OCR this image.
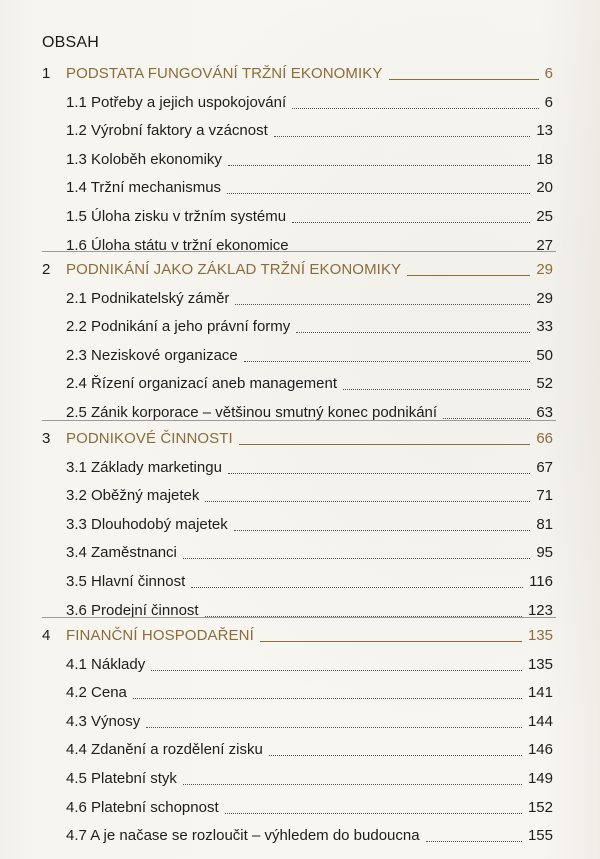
OBSAH
1 PODSTATA FUNGOVÁNÍ TRŽNÍ EKONOMIKY	6
1.1 Potřeby a jejich uspokojování	6
1.2 Výrobní faktory a vzácnost	13
1.3 Koloběh ekonomiky	18
1.4 Tržní mechanismus	20
1.5 Úloha zisku v tržním systému	25
1.6 Úloha státu v tržní ekonomice	27
2 PODNIKÁNÍ JAKO ZÁKLAD TRŽNÍ EKONOMIKY	29
2.1 Podnikatelský záměr	29
2.2 Podnikání a jeho právní formy	33
2.3 Neziskové organizace	50
2.4 Řízení organizací aneb management	52
2.5 Zánik korporace – většinou smutný konec podnikání	63
3 PODNIKOVÉ ČINNOSTI	66
3.1 Základy marketingu	67
3.2 Oběžný majetek	71
3.3 Dlouhodobý majetek	81
3.4 Zaměstnanci	95
3.5 Hlavní činnost	116
3.6 Prodejní činnost	123
4 FINANČNÍ HOSPODAŘENÍ	135
4.1 Náklady	135
4.2 Cena	141
4.3 Výnosy	144
4.4 Zdanění a rozdělení zisku	146
4.5 Platební styk	149
4.6 Platební schopnost	152
4.7 A je načase se rozloučit – výhledem do budoucna	155
